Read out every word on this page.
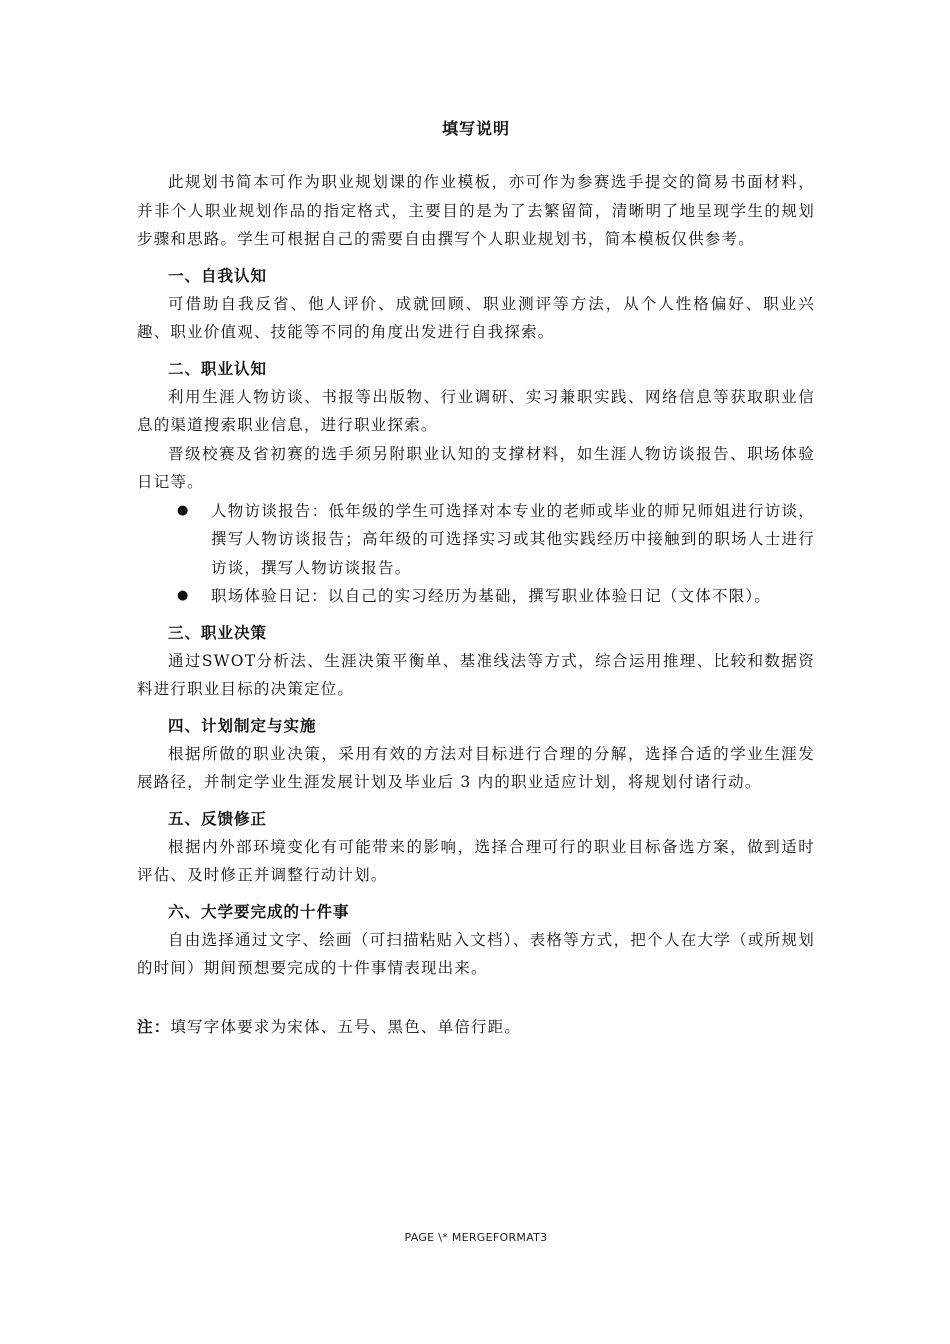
填写说明

此规划书简本可作为职业规划课的作业模板，亦可作为参赛选手提交的简易书面材料，并非个人职业规划作品的指定格式，主要目的是为了去繁留简，清晰明了地呈现学生的规划步骤和思路。学生可根据自己的需要自由撰写个人职业规划书，简本模板仅供参考。

一、自我认知

可借助自我反省、他人评价、成就回顾、职业测评等方法，从个人性格偏好、职业兴趣、职业价值观、技能等不同的角度出发进行自我探索。

二、职业认知

利用生涯人物访谈、书报等出版物、行业调研、实习兼职实践、网络信息等获取职业信息的渠道搜索职业信息，进行职业探索。

晋级校赛及省初赛的选手须另附职业认知的支撑材料，如生涯人物访谈报告、职场体验日记等。

●	人物访谈报告：低年级的学生可选择对本专业的老师或毕业的师兄师姐进行访谈，撰写人物访谈报告；高年级的可选择实习或其他实践经历中接触到的职场人士进行访谈，撰写人物访谈报告。
●	职场体验日记：以自己的实习经历为基础，撰写职业体验日记（文体不限）。

三、职业决策

通过SWOT分析法、生涯决策平衡单、基准线法等方式，综合运用推理、比较和数据资料进行职业目标的决策定位。

四、计划制定与实施

根据所做的职业决策，采用有效的方法对目标进行合理的分解，选择合适的学业生涯发展路径，并制定学业生涯发展计划及毕业后 3 内的职业适应计划，将规划付诸行动。

五、反馈修正

根据内外部环境变化有可能带来的影响，选择合理可行的职业目标备选方案，做到适时评估、及时修正并调整行动计划。

六、大学要完成的十件事

自由选择通过文字、绘画（可扫描粘贴入文档）、表格等方式，把个人在大学（或所规划的时间）期间预想要完成的十件事情表现出来。

注：填写字体要求为宋体、五号、黑色、单倍行距。
PAGE \* MERGEFORMAT3
